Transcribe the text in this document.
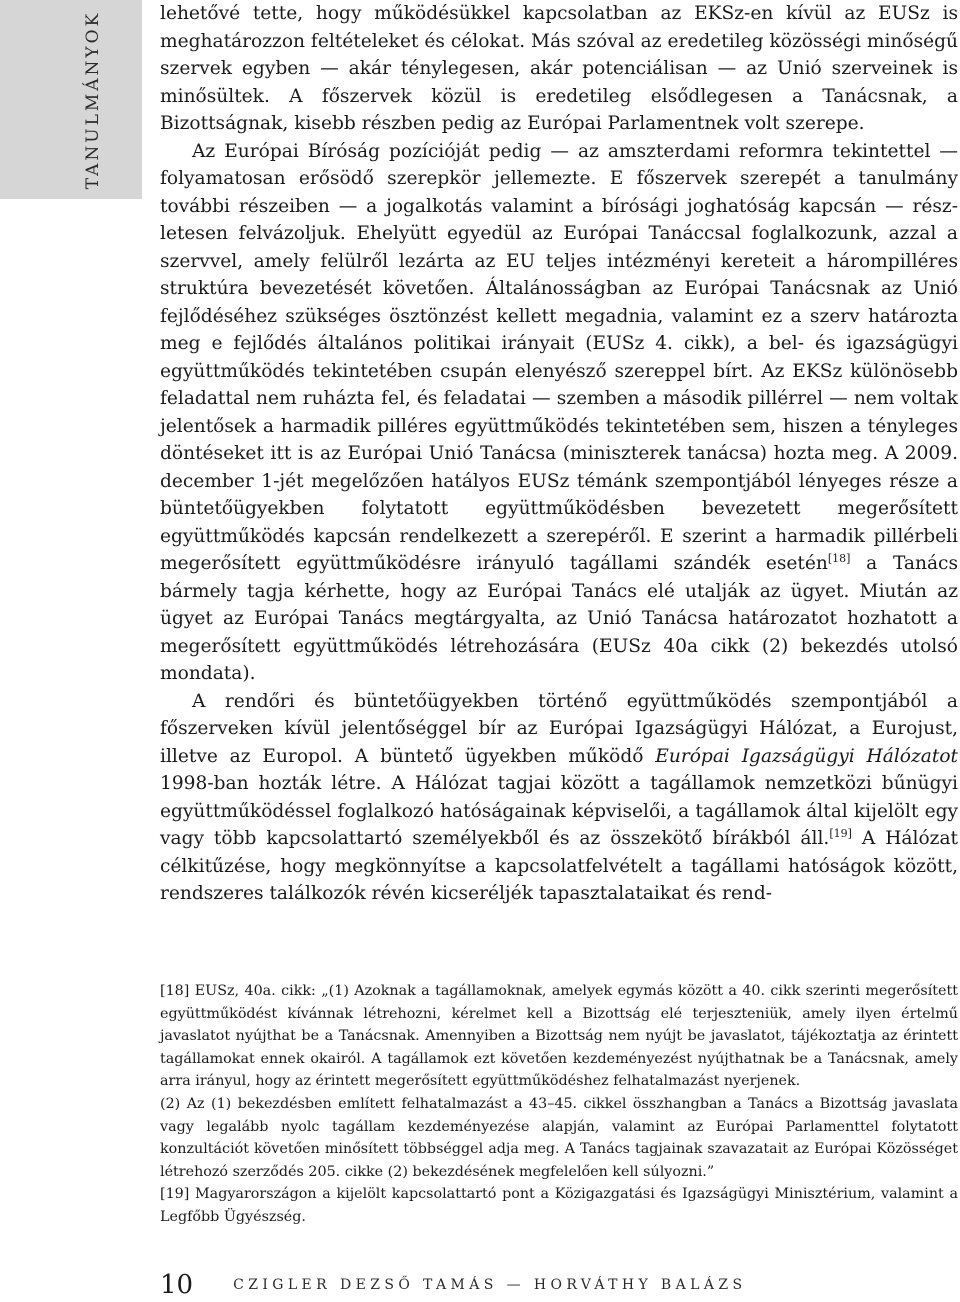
TANULMÁNYOK	lehetővé tette, hogy működésükkel kapcsolatban az EKSz-en kívül az EUSz is meghatározzon feltételeket és célokat. Más szóval az eredetileg közösségi minőségű szervek egyben — akár ténylegesen, akár potenciálisan — az Unió szerveinek is minősültek. A főszervek közül is eredetileg elsődlegesen a Tanácsnak, a Bizottságnak, kisebb részben pedig az Európai Parlamentnek volt szerepe.

Az Európai Bíróság pozícióját pedig — az amszterdami reformra tekintettel — folyamatosan erősödő szerepkör jellemezte. E főszervek szerepét a tanulmány további részeiben — a jogalkotás valamint a bírósági joghatóság kapcsán — részletesen felvázoljuk. Ehelyütt egyedül az Európai Tanáccsal foglalkozunk, azzal a szervvel, amely felülről lezárta az EU teljes intézményi kereteit a hárompilléres struktúra bevezetését követően. Általánosságban az Európai Tanácsnak az Unió fejlődéséhez szükséges ösztönzést kellett megadnia, valamint ez a szerv határozta meg e fejlődés általános politikai irányait (EUSz 4. cikk), a bel- és igazságügyi együttműködés tekintetében csupán elenyésző szereppel bírt. Az EKSz különösebb feladattal nem ruházta fel, és feladatai — szemben a második pillérrel — nem voltak jelentősek a harmadik pilléres együttműködés tekintetében sem, hiszen a tényleges döntéseket itt is az Európai Unió Tanácsa (miniszterek tanácsa) hozta meg. A 2009. december 1-jét megelőzően hatályos EUSz témánk szempontjából lényeges része a büntetőügyekben folytatott együttműködésben bevezetett megerősített együttműködés kapcsán rendelkezett a szerepéről. E szerint a harmadik pillérbeli megerősített együttműködésre irányuló tagállami szándék esetén[18] a Tanács bármely tagja kérhette, hogy az Európai Tanács elé utalják az ügyet. Miután az ügyet az Európai Tanács megtárgyalta, az Unió Tanácsa határozatot hozhatott a megerősített együttműködés létrehozására (EUSz 40a cikk (2) bekezdés utolsó mondata).

A rendőri és büntetőügyekben történő együttműködés szempontjából a főszerveken kívül jelentőséggel bír az Európai Igazságügyi Hálózat, a Eurojust, illetve az Europol. A büntető ügyekben működő Európai Igazságügyi Hálózatot 1998-ban hozták létre. A Hálózat tagjai között a tagállamok nemzetközi bűnügyi együttműködéssel foglalkozó hatóságainak képviselői, a tagállamok által kijelölt egy vagy több kapcsolattartó személyekből és az összekötő bírákból áll.[19] A Hálózat célkitűzése, hogy megkönnyítse a kapcsolatfelvételt a tagállami hatóságok között, rendszeres találkozók révén kicseréljék tapasztalataikat és rend-

[18] EUSz, 40a. cikk: „(1) Azoknak a tagállamoknak, amelyek egymás között a 40. cikk szerinti megerősített együttműködést kívánnak létrehozni, kérelmet kell a Bizottság elé terjeszteniük, amely ilyen értelmű javaslatot nyújthat be a Tanácsnak. Amennyiben a Bizottság nem nyújt be javaslatot, tájékoztatja az érintett tagállamokat ennek okairól. A tagállamok ezt követően kezdeményezést nyújthatnak be a Tanácsnak, amely arra irányul, hogy az érintett megerősített együttműködéshez felhatalmazást nyerjenek.

(2) Az (1) bekezdésben említett felhatalmazást a 43–45. cikkel összhangban a Tanács a Bizottság javaslata vagy legalább nyolc tagállam kezdeményezése alapján, valamint az Európai Parlamenttel folytatott konzultációt követően minősített többséggel adja meg. A Tanács tagjainak szavazatait az Európai Közösséget létrehozó szerződés 205. cikke (2) bekezdésének megfelelően kell súlyozni.”

[19] Magyarországon a kijelölt kapcsolattartó pont a Közigazgatási és Igazságügyi Minisztérium, valamint a Legfőbb Ügyészség.

10	CZIGLER DEZSŐ TAMÁS — HORVÁTHY BALÁZS
